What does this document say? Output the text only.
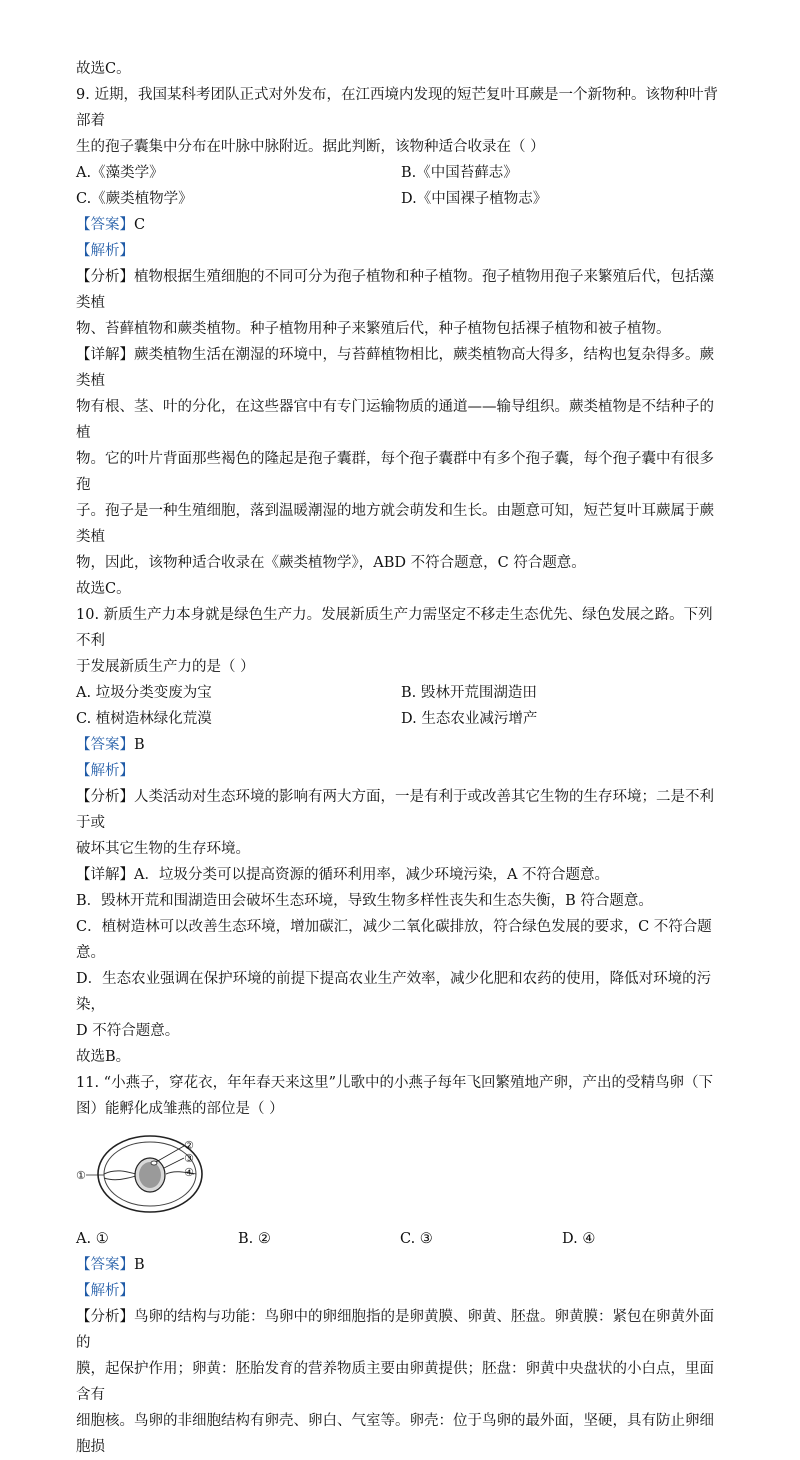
故选C。

9. 近期，我国某科考团队正式对外发布，在江西境内发现的短芒复叶耳蕨是一个新物种。该物种叶背部着

生的孢子囊集中分布在叶脉中脉附近。据此判断，该物种适合收录在（ ）

A.《藻类学》	B.《中国苔藓志》
C.《蕨类植物学》	D.《中国裸子植物志》

【答案】C

【解析】

【分析】植物根据生殖细胞的不同可分为孢子植物和种子植物。孢子植物用孢子来繁殖后代，包括藻类植

物、苔藓植物和蕨类植物。种子植物用种子来繁殖后代，种子植物包括裸子植物和被子植物。

【详解】蕨类植物生活在潮湿的环境中，与苔藓植物相比，蕨类植物高大得多，结构也复杂得多。蕨类植

物有根、茎、叶的分化，在这些器官中有专门运输物质的通道——输导组织。蕨类植物是不结种子的植

物。它的叶片背面那些褐色的隆起是孢子囊群，每个孢子囊群中有多个孢子囊，每个孢子囊中有很多孢

子。孢子是一种生殖细胞，落到温暖潮湿的地方就会萌发和生长。由题意可知，短芒复叶耳蕨属于蕨类植

物，因此，该物种适合收录在《蕨类植物学》，ABD 不符合题意，C 符合题意。

故选C。

10. 新质生产力本身就是绿色生产力。发展新质生产力需坚定不移走生态优先、绿色发展之路。下列不利

于发展新质生产力的是（ ）

A. 垃圾分类变废为宝	B. 毁林开荒围湖造田
C. 植树造林绿化荒漠	D. 生态农业减污增产

【答案】B

【解析】

【分析】人类活动对生态环境的影响有两大方面，一是有利于或改善其它生物的生存环境；二是不利于或

破坏其它生物的生存环境。

【详解】A．垃圾分类可以提高资源的循环利用率，减少环境污染，A 不符合题意。

B．毁林开荒和围湖造田会破坏生态环境，导致生物多样性丧失和生态失衡，B 符合题意。

C．植树造林可以改善生态环境，增加碳汇，减少二氧化碳排放，符合绿色发展的要求，C 不符合题意。

D．生态农业强调在保护环境的前提下提高农业生产效率，减少化肥和农药的使用，降低对环境的污染，

D 不符合题意。

故选B。

11. “小燕子，穿花衣，年年春天来这里”儿歌中的小燕子每年飞回繁殖地产卵，产出的受精鸟卵（下

图）能孵化成雏燕的部位是（ ）

①
②
③
④
A. ①	B. ②	C. ③	D. ④

【答案】B

【解析】

【分析】鸟卵的结构与功能：鸟卵中的卵细胞指的是卵黄膜、卵黄、胚盘。卵黄膜：紧包在卵黄外面的

膜，起保护作用；卵黄：胚胎发育的营养物质主要由卵黄提供；胚盘：卵黄中央盘状的小白点，里面含有

细胞核。鸟卵的非细胞结构有卵壳、卵白、气室等。卵壳：位于鸟卵的最外面，坚硬，具有防止卵细胞损
